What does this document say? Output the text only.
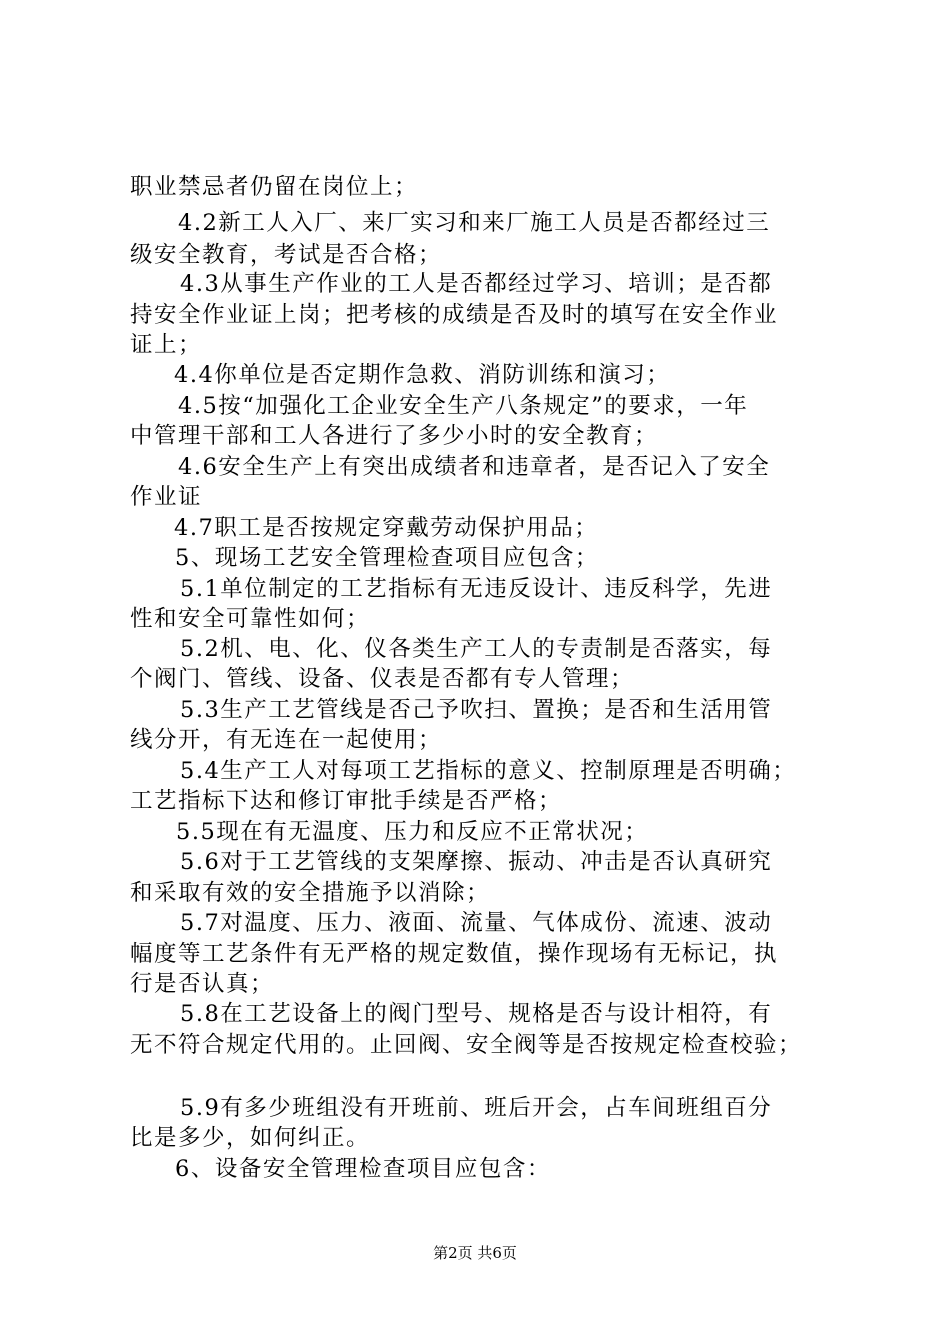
职业禁忌者仍留在岗位上；
4.2新工人入厂、来厂实习和来厂施工人员是否都经过三
级安全教育，考试是否合格；
4.3从事生产作业的工人是否都经过学习、培训；是否都
持安全作业证上岗；把考核的成绩是否及时的填写在安全作业
证上；
4.4你单位是否定期作急救、消防训练和演习；
4.5按“加强化工企业安全生产八条规定”的要求，一年
中管理干部和工人各进行了多少小时的安全教育；
4.6安全生产上有突出成绩者和违章者，是否记入了安全
作业证
4.7职工是否按规定穿戴劳动保护用品；
5、现场工艺安全管理检查项目应包含；
5.1单位制定的工艺指标有无违反设计、违反科学，先进
性和安全可靠性如何；
5.2机、电、化、仪各类生产工人的专责制是否落实，每
个阀门、管线、设备、仪表是否都有专人管理；
5.3生产工艺管线是否己予吹扫、置换；是否和生活用管
线分开，有无连在一起使用；
5.4生产工人对每项工艺指标的意义、控制原理是否明确；
工艺指标下达和修订审批手续是否严格；
5.5现在有无温度、压力和反应不正常状况；
5.6对于工艺管线的支架摩擦、振动、冲击是否认真研究
和采取有效的安全措施予以消除；
5.7对温度、压力、液面、流量、气体成份、流速、波动
幅度等工艺条件有无严格的规定数值，操作现场有无标记，执
行是否认真；
5.8在工艺设备上的阀门型号、规格是否与设计相符，有
无不符合规定代用的。止回阀、安全阀等是否按规定检查校验；
5.9有多少班组没有开班前、班后开会，占车间班组百分
比是多少，如何纠正。
6、设备安全管理检查项目应包含：
第2页 共6页
